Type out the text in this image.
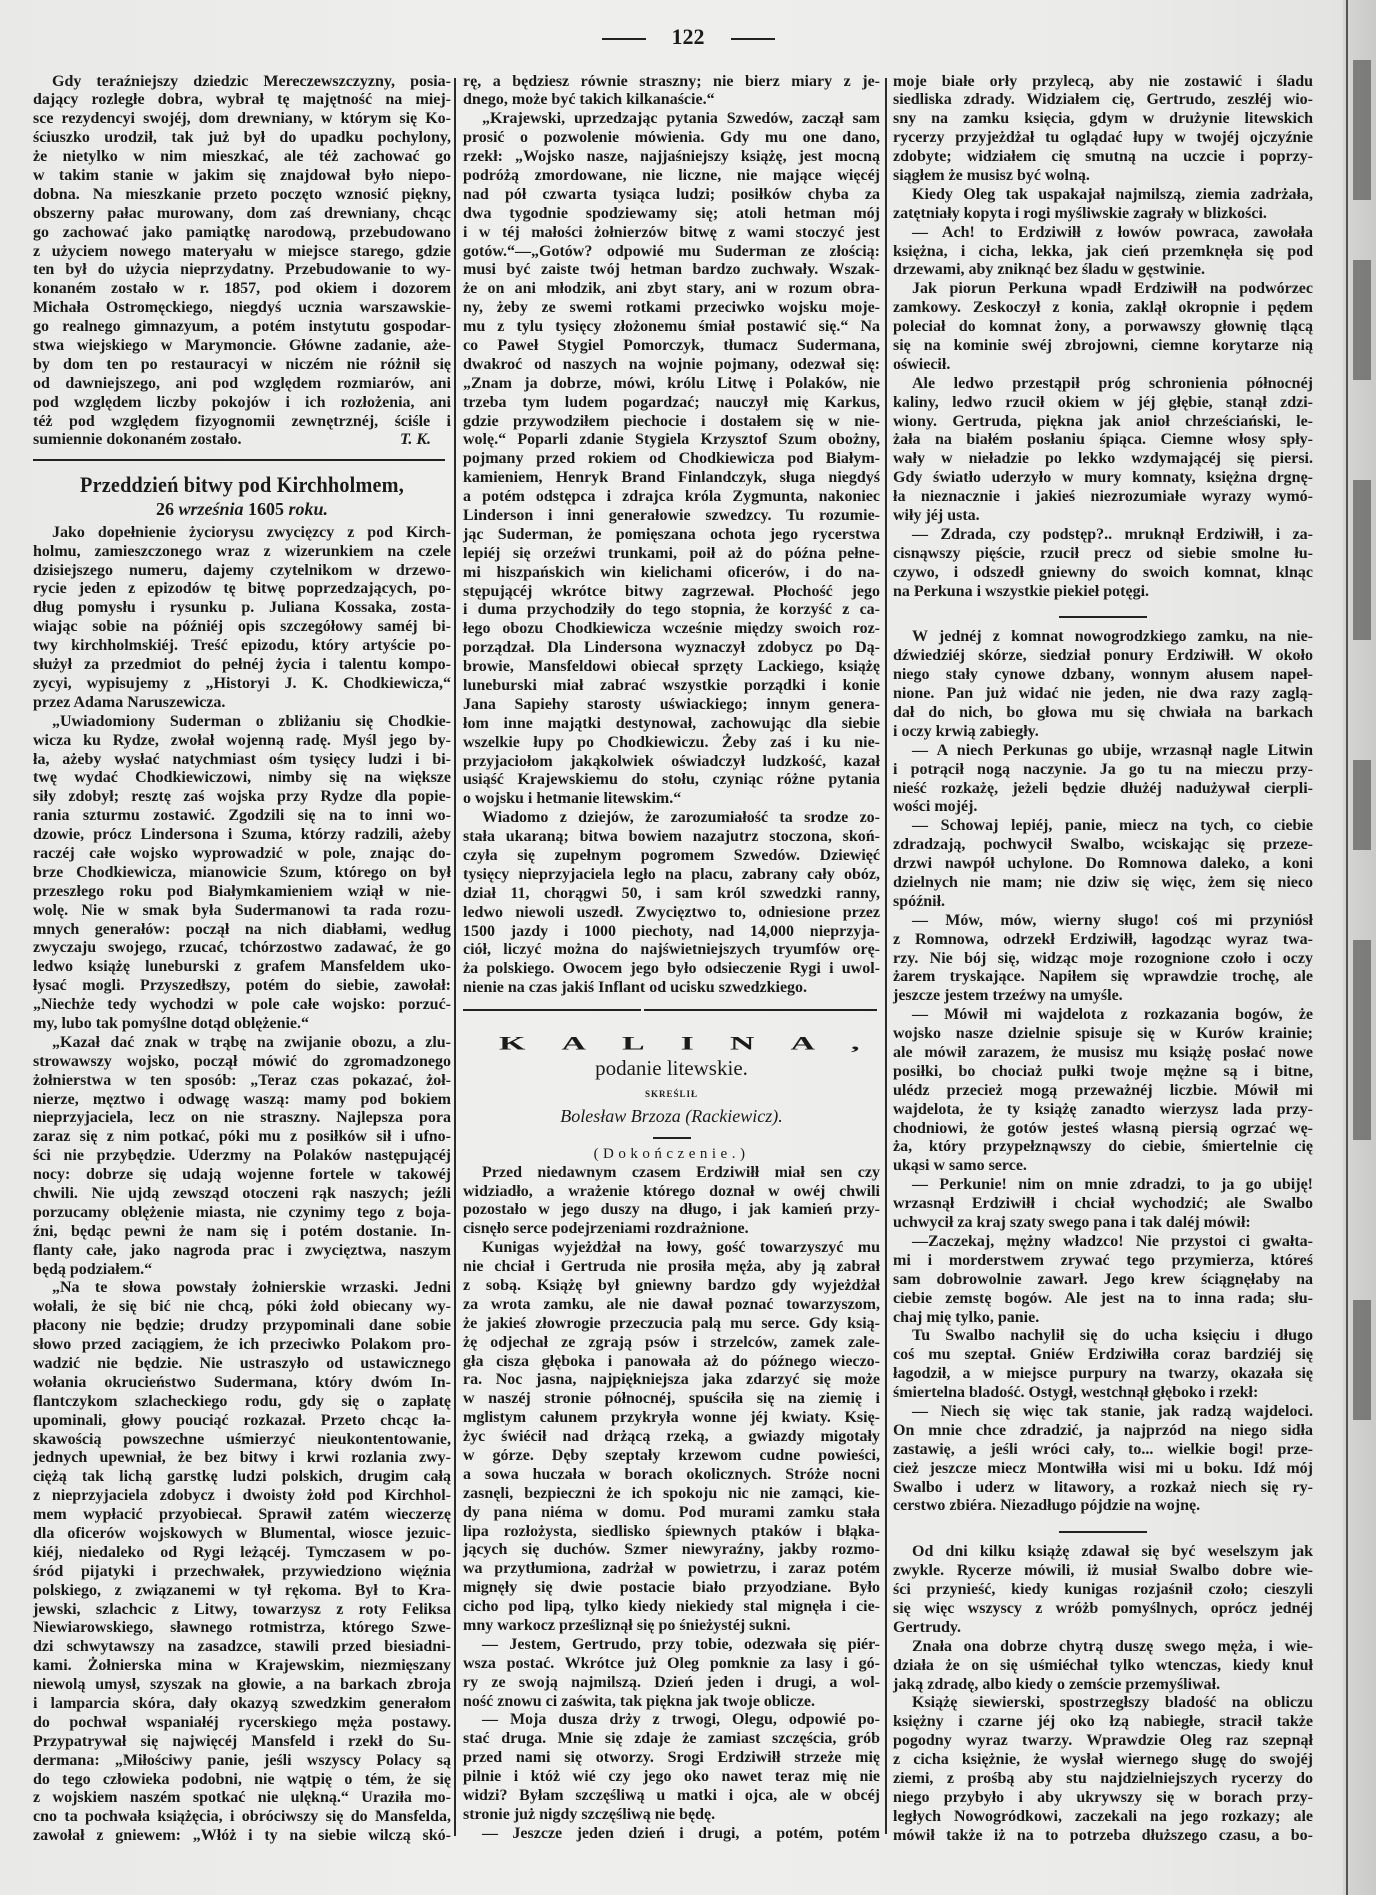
122
Gdy teraźniejszy dziedzic Mereczewszczyzny, posia-
dający rozległe dobra, wybrał tę majętność na miej-
sce rezydencyi swojéj, dom drewniany, w którym się Ko-
ściuszko urodził, tak już był do upadku pochylony,
że nietylko w nim mieszkać, ale téż zachować go
w takim stanie w jakim się znajdował było niepo-
dobna. Na mieszkanie przeto poczęto wznosić piękny,
obszerny pałac murowany, dom zaś drewniany, chcąc
go zachować jako pamiątkę narodową, przebudowano
z użyciem nowego materyału w miejsce starego, gdzie
ten był do użycia nieprzydatny. Przebudowanie to wy-
konaném zostało w r. 1857, pod okiem i dozorem
Michała Ostromęckiego, niegdyś ucznia warszawskie-
go realnego gimnazyum, a potém instytutu gospodar-
stwa wiejskiego w Marymoncie. Główne zadanie, aże-
by dom ten po restauracyi w niczém nie różnił się
od dawniejszego, ani pod względem rozmiarów, ani
pod względem liczby pokojów i ich rozłożenia, ani
téż pod względem fizyognomii zewnętrznéj, ściśle i
sumiennie dokonaném zostało.	T. K.
Przeddzień bitwy pod Kirchholmem,
26 września 1605 roku.
Jako dopełnienie życiorysu zwycięzcy z pod Kirch-
holmu, zamieszczonego wraz z wizerunkiem na czele
dzisiejszego numeru, dajemy czytelnikom w drzewo-
rycie jeden z epizodów tę bitwę poprzedzających, po-
dług pomysłu i rysunku p. Juliana Kossaka, zosta-
wiając sobie na późniéj opis szczegółowy saméj bi-
twy kirchholmskiéj. Treść epizodu, który artyście po-
służył za przedmiot do pełnéj życia i talentu kompo-
zycyi, wypisujemy z „Historyi J. K. Chodkiewicza,“
przez Adama Naruszewicza.
„Uwiadomiony Suderman o zbliżaniu się Chodkie-
wicza ku Rydze, zwołał wojenną radę. Myśl jego by-
ła, ażeby wysłać natychmiast ośm tysięcy ludzi i bi-
twę wydać Chodkiewiczowi, nimby się na większe
siły zdobył; resztę zaś wojska przy Rydze dla popie-
rania szturmu zostawić. Zgodzili się na to inni wo-
dzowie, prócz Lindersona i Szuma, którzy radzili, ażeby
raczéj całe wojsko wyprowadzić w pole, znając do-
brze Chodkiewicza, mianowicie Szum, którego on był
przeszłego roku pod Białymkamieniem wziął w nie-
wolę. Nie w smak była Sudermanowi ta rada rozu-
mnych generałów: począł na nich diabłami, według
zwyczaju swojego, rzucać, tchórzostwo zadawać, że go
ledwo książę luneburski z grafem Mansfeldem uko-
łysać mogli. Przyszedłszy, potém do siebie, zawołał:
„Niechże tedy wychodzi w pole całe wojsko: porzuć-
my, lubo tak pomyślne dotąd oblężenie.“
„Kazał dać znak w trąbę na zwijanie obozu, a zlu-
strowawszy wojsko, począł mówić do zgromadzonego
żołnierstwa w ten sposób: „Teraz czas pokazać, żoł-
nierze, męztwo i odwagę waszą: mamy pod bokiem
nieprzyjaciela, lecz on nie straszny. Najlepsza pora
zaraz się z nim potkać, póki mu z posiłków sił i ufno-
ści nie przybędzie. Uderzmy na Polaków następującéj
nocy: dobrze się udają wojenne fortele w takowéj
chwili. Nie ujdą zewsząd otoczeni rąk naszych; jeźli
porzucamy oblężenie miasta, nie czynimy tego z boja-
źni, będąc pewni że nam się i potém dostanie. In-
flanty całe, jako nagroda prac i zwycięztwa, naszym
będą podziałem.“
„Na te słowa powstały żołnierskie wrzaski. Jedni
wołali, że się bić nie chcą, póki żołd obiecany wy-
płacony nie będzie; drudzy przypominali dane sobie
słowo przed zaciągiem, że ich przeciwko Polakom pro-
wadzić nie będzie. Nie ustraszyło od ustawicznego
wołania okrucieństwo Sudermana, który dwóm In-
flantczykom szlacheckiego rodu, gdy się o zapłatę
upominali, głowy pouciąć rozkazał. Przeto chcąc ła-
skawością powszechne uśmierzyć nieukontentowanie,
jednych upewniał, że bez bitwy i krwi rozlania zwy-
ciężą tak lichą garstkę ludzi polskich, drugim całą
z nieprzyjaciela zdobycz i dwoisty żołd pod Kirchhol-
mem wypłacić przyobiecał. Sprawił zatém wieczerzę
dla oficerów wojskowych w Blumental, wiosce jezuic-
kiéj, niedaleko od Rygi leżącéj. Tymczasem w po-
śród pijatyki i przechwałek, przywiedziono więźnia
polskiego, z związanemi w tył rękoma. Był to Kra-
jewski, szlachcic z Litwy, towarzysz z roty Feliksa
Niewiarowskiego, sławnego rotmistrza, którego Szwe-
dzi schwytawszy na zasadzce, stawili przed biesiadni-
kami. Żołnierska mina w Krajewskim, niezmięszany
niewolą umysł, szyszak na głowie, a na barkach zbroja
i lamparcia skóra, dały okazyą szwedzkim generałom
do pochwał wspaniałéj rycerskiego męża postawy.
Przypatrywał się najwięcéj Mansfeld i rzekł do Su-
dermana: „Miłościwy panie, jeśli wszyscy Polacy są
do tego człowieka podobni, nie wątpię o tém, że się
z wojskiem naszém spotkać nie ulękną.“ Uraziła mo-
cno ta pochwała książęcia, i obróciwszy się do Mansfelda,
zawołał z gniewem: „Włóż i ty na siebie wilczą skó-
rę, a będziesz równie straszny; nie bierz miary z je-
dnego, może być takich kilkanaście.“
„Krajewski, uprzedzając pytania Szwedów, zaczął sam
prosić o pozwolenie mówienia. Gdy mu one dano,
rzekł: „Wojsko nasze, najjaśniejszy książę, jest mocną
podróżą zmordowane, nie liczne, nie mające więcéj
nad pół czwarta tysiąca ludzi; posiłków chyba za
dwa tygodnie spodziewamy się; atoli hetman mój
i w téj małości żołnierzów bitwę z wami stoczyć jest
gotów.“—„Gotów? odpowié mu Suderman ze złością:
musi być zaiste twój hetman bardzo zuchwały. Wszak-
że on ani młodzik, ani zbyt stary, ani w rozum obra-
ny, żeby ze swemi rotkami przeciwko wojsku moje-
mu z tylu tysięcy złożonemu śmiał postawić się.“ Na
co Paweł Stygiel Pomorczyk, tłumacz Sudermana,
dwakroć od naszych na wojnie pojmany, odezwał się:
„Znam ja dobrze, mówi, królu Litwę i Polaków, nie
trzeba tym ludem pogardzać; nauczył mię Karkus,
gdzie przywodziłem piechocie i dostałem się w nie-
wolę.“ Poparli zdanie Stygiela Krzysztof Szum obożny,
pojmany przed rokiem od Chodkiewicza pod Białym-
kamieniem, Henryk Brand Finlandczyk, sługa niegdyś
a potém odstępca i zdrajca króla Zygmunta, nakoniec
Linderson i inni generałowie szwedzcy. Tu rozumie-
jąc Suderman, że pomięszana ochota jego rycerstwa
lepiéj się orzeźwi trunkami, poił aż do późna pełne-
mi hiszpańskich win kielichami oficerów, i do na-
stępującéj wkrótce bitwy zagrzewał. Płochość jego
i duma przychodziły do tego stopnia, że korzyść z ca-
łego obozu Chodkiewicza wcześnie między swoich roz-
porządzał. Dla Lindersona wyznaczył zdobycz po Dą-
browie, Mansfeldowi obiecał sprzęty Lackiego, książę
luneburski miał zabrać wszystkie porządki i konie
Jana Sapiehy starosty uświackiego; innym genera-
łom inne majątki destynował, zachowując dla siebie
wszelkie łupy po Chodkiewiczu. Żeby zaś i ku nie-
przyjaciołom jakąkolwiek oświadczył ludzkość, kazał
usiąść Krajewskiemu do stołu, czyniąc różne pytania
o wojsku i hetmanie litewskim.“
Wiadomo z dziejów, że zarozumiałość ta srodze zo-
stała ukaraną; bitwa bowiem nazajutrz stoczona, skoń-
czyła się zupełnym pogromem Szwedów. Dziewięć
tysięcy nieprzyjaciela legło na placu, zabrany cały obóz,
dział 11, chorągwi 50, i sam król szwedzki ranny,
ledwo niewoli uszedł. Zwycięztwo to, odniesione przez
1500 jazdy i 1000 piechoty, nad 14,000 nieprzyja-
ciół, liczyć można do najświetniejszych tryumfów orę-
ża polskiego. Owocem jego było odsieczenie Rygi i uwol-
nienie na czas jakiś Inflant od ucisku szwedzkiego.
KALINA,
podanie litewskie.
SKREŚLIŁ
Bolesław Brzoza (Rackiewicz).
(Dokończenie.)
Przed niedawnym czasem Erdziwiłł miał sen czy
widziadło, a wrażenie którego doznał w owéj chwili
pozostało w jego duszy na długo, i jak kamień przy-
cisnęło serce podejrzeniami rozdrażnione.
Kunigas wyjeżdżał na łowy, gość towarzyszyć mu
nie chciał i Gertruda nie prosiła męża, aby ją zabrał
z sobą. Książę był gniewny bardzo gdy wyjeżdżał
za wrota zamku, ale nie dawał poznać towarzyszom,
że jakieś złowrogie przeczucia palą mu serce. Gdy ksią-
żę odjechał ze zgrają psów i strzelców, zamek zale-
gła cisza głęboka i panowała aż do późnego wieczo-
ra. Noc jasna, najpiękniejsza jaka zdarzyć się może
w naszéj stronie północnéj, spuściła się na ziemię i
mglistym całunem przykryła wonne jéj kwiaty. Księ-
życ świécił nad drżącą rzeką, a gwiazdy migotały
w górze. Dęby szeptały krzewom cudne powieści,
a sowa huczała w borach okolicznych. Stróże nocni
zasnęli, bezpieczni że ich spokoju nic nie zamąci, kie-
dy pana niéma w domu. Pod murami zamku stała
lipa rozłożysta, siedlisko śpiewnych ptaków i błąka-
jących się duchów. Szmer niewyraźny, jakby rozmo-
wa przytłumiona, zadrżał w powietrzu, i zaraz potém
mignęły się dwie postacie biało przyodziane. Było
cicho pod lipą, tylko kiedy niekiedy stal mignęła i cie-
mny warkocz prześliznął się po śnieżystéj sukni.
— Jestem, Gertrudo, przy tobie, odezwała się piér-
wsza postać. Wkrótce już Oleg pomknie za lasy i gó-
ry ze swoją najmilszą. Dzień jeden i drugi, a wol-
ność znowu ci zaświta, tak piękna jak twoje oblicze.
— Moja dusza drży z trwogi, Olegu, odpowié po-
stać druga. Mnie się zdaje że zamiast szczęścia, grób
przed nami się otworzy. Srogi Erdziwiłł strzeże mię
pilnie i któż wié czy jego oko nawet teraz mię nie
widzi? Byłam szczęśliwą u matki i ojca, ale w obcéj
stronie już nigdy szczęśliwą nie będę.
— Jeszcze jeden dzień i drugi, a potém, potém
moje białe orły przylecą, aby nie zostawić i śladu
siedliska zdrady. Widziałem cię, Gertrudo, zeszłéj wio-
sny na zamku księcia, gdym w drużynie litewskich
rycerzy przyjeżdżał tu oglądać łupy w twojéj ojczyźnie
zdobyte; widziałem cię smutną na uczcie i poprzy-
siągłem że musisz być wolną.
Kiedy Oleg tak uspakajał najmilszą, ziemia zadrżała,
zatętniały kopyta i rogi myśliwskie zagrały w blizkości.
— Ach! to Erdziwiłł z łowów powraca, zawołała
księżna, i cicha, lekka, jak cień przemknęła się pod
drzewami, aby zniknąć bez śladu w gęstwinie.
Jak piorun Perkuna wpadł Erdziwiłł na podwórzec
zamkowy. Zeskoczył z konia, zaklął okropnie i pędem
poleciał do komnat żony, a porwawszy głownię tlącą
się na kominie swéj zbrojowni, ciemne korytarze nią
oświecił.
Ale ledwo przestąpił próg schronienia północnéj
kaliny, ledwo rzucił okiem w jéj głębie, stanął zdzi-
wiony. Gertruda, piękna jak anioł chrześciański, le-
żała na białém posłaniu śpiąca. Ciemne włosy spły-
wały w nieładzie po lekko wzdymającéj się piersi.
Gdy światło uderzyło w mury komnaty, księżna drgnę-
ła nieznacznie i jakieś niezrozumiałe wyrazy wymó-
wiły jéj usta.
— Zdrada, czy podstęp?.. mruknął Erdziwiłł, i za-
cisnąwszy pięście, rzucił precz od siebie smolne łu-
czywo, i odszedł gniewny do swoich komnat, klnąc
na Perkuna i wszystkie piekieł potęgi.
W jednéj z komnat nowogrodzkiego zamku, na nie-
dźwiedziéj skórze, siedział ponury Erdziwiłł. W około
niego stały cynowe dzbany, wonnym ałusem napeł-
nione. Pan już widać nie jeden, nie dwa razy zaglą-
dał do nich, bo głowa mu się chwiała na barkach
i oczy krwią zabiegły.
— A niech Perkunas go ubije, wrzasnął nagle Litwin
i potrącił nogą naczynie. Ja go tu na mieczu przy-
nieść rozkażę, jeżeli będzie dłużéj nadużywał cierpli-
wości mojéj.
— Schowaj lepiéj, panie, miecz na tych, co ciebie
zdradzają, pochwycił Swalbo, wciskając się przeze-
drzwi nawpół uchylone. Do Romnowa daleko, a koni
dzielnych nie mam; nie dziw się więc, żem się nieco
spóźnił.
— Mów, mów, wierny sługo! coś mi przyniósł
z Romnowa, odrzekł Erdziwiłł, łagodząc wyraz twa-
rzy. Nie bój się, widząc moje rozognione czoło i oczy
żarem tryskające. Napiłem się wprawdzie trochę, ale
jeszcze jestem trzeźwy na umyśle.
— Mówił mi wajdelota z rozkazania bogów, że
wojsko nasze dzielnie spisuje się w Kurów krainie;
ale mówił zarazem, że musisz mu książę posłać nowe
posiłki, bo chociaż pułki twoje mężne są i bitne,
ulédz przecież mogą przeważnéj liczbie. Mówił mi
wajdelota, że ty książę zanadto wierzysz lada przy-
chodniowi, że gotów jesteś własną piersią ogrzać wę-
ża, który przypełznąwszy do ciebie, śmiertelnie cię
ukąsi w samo serce.
— Perkunie! nim on mnie zdradzi, to ja go ubiję!
wrzasnął Erdziwiłł i chciał wychodzić; ale Swalbo
uchwycił za kraj szaty swego pana i tak daléj mówił:
—Zaczekaj, mężny władzco! Nie przystoi ci gwałta-
mi i morderstwem zrywać tego przymierza, któreś
sam dobrowolnie zawarł. Jego krew ściągnęłaby na
ciebie zemstę bogów. Ale jest na to inna rada; słu-
chaj mię tylko, panie.
Tu Swalbo nachylił się do ucha księciu i długo
coś mu szeptał. Gniéw Erdziwiłła coraz bardziéj się
łagodził, a w miejsce purpury na twarzy, okazała się
śmiertelna bladość. Ostygł, westchnął głęboko i rzekł:
— Niech się więc tak stanie, jak radzą wajdeloci.
On mnie chce zdradzić, ja najprzód na niego sidła
zastawię, a jeśli wróci cały, to... wielkie bogi! prze-
cież jeszcze miecz Montwiłła wisi mi u boku. Idź mój
Swalbo i uderz w litawory, a rozkaż niech się ry-
cerstwo zbiéra. Niezadługo pójdzie na wojnę.
Od dni kilku książę zdawał się być weselszym jak
zwykle. Rycerze mówili, iż musiał Swalbo dobre wie-
ści przynieść, kiedy kunigas rozjaśnił czoło; cieszyli
się więc wszyscy z wróżb pomyślnych, oprócz jednéj
Gertrudy.
Znała ona dobrze chytrą duszę swego męża, i wie-
działa że on się uśmiéchał tylko wtenczas, kiedy knuł
jaką zdradę, albo kiedy o zemście przemyśliwał.
Książę siewierski, spostrzegłszy bladość na obliczu
księżny i czarne jéj oko łzą nabiegłe, stracił także
pogodny wyraz twarzy. Wprawdzie Oleg raz szepnął
z cicha księżnie, że wysłał wiernego sługę do swojéj
ziemi, z prośbą aby stu najdzielniejszych rycerzy do
niego przybyło i aby ukrywszy się w borach przy-
ległych Nowogródkowi, zaczekali na jego rozkazy; ale
mówił także iż na to potrzeba dłuższego czasu, a bo-
